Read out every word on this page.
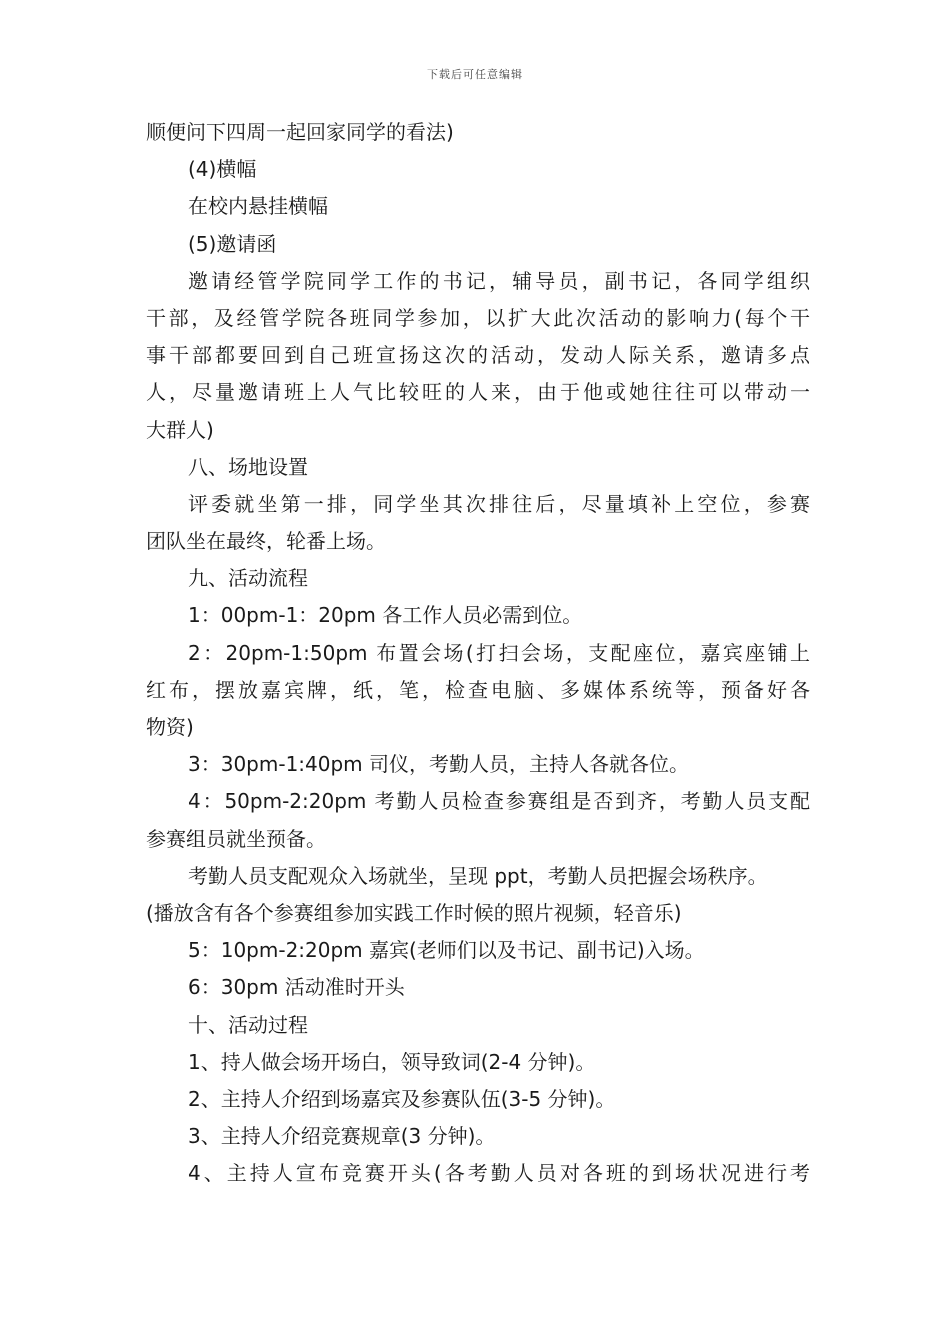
下载后可任意编辑
顺便问下四周一起回家同学的看法)
(4)横幅
在校内悬挂横幅
(5)邀请函
邀请经管学院同学工作的书记，辅导员，副书记，各同学组织
干部，及经管学院各班同学参加，以扩大此次活动的影响力(每个干
事干部都要回到自己班宣扬这次的活动，发动人际关系，邀请多点
人，尽量邀请班上人气比较旺的人来，由于他或她往往可以带动一
大群人)
八、场地设置
评委就坐第一排，同学坐其次排往后，尽量填补上空位，参赛
团队坐在最终，轮番上场。
九、活动流程
1：00pm-1：20pm 各工作人员必需到位。
2：20pm-1:50pm 布置会场(打扫会场，支配座位，嘉宾座铺上
红布，摆放嘉宾牌，纸，笔，检查电脑、多媒体系统等，预备好各
物资)
3：30pm-1:40pm 司仪，考勤人员，主持人各就各位。
4：50pm-2:20pm 考勤人员检查参赛组是否到齐，考勤人员支配
参赛组员就坐预备。
考勤人员支配观众入场就坐，呈现 ppt，考勤人员把握会场秩序。
(播放含有各个参赛组参加实践工作时候的照片视频，轻音乐)
5：10pm-2:20pm 嘉宾(老师们以及书记、副书记)入场。
6：30pm 活动准时开头
十、活动过程
1、持人做会场开场白，领导致词(2-4 分钟)。
2、主持人介绍到场嘉宾及参赛队伍(3-5 分钟)。
3、主持人介绍竞赛规章(3 分钟)。
4、主持人宣布竞赛开头(各考勤人员对各班的到场状况进行考
